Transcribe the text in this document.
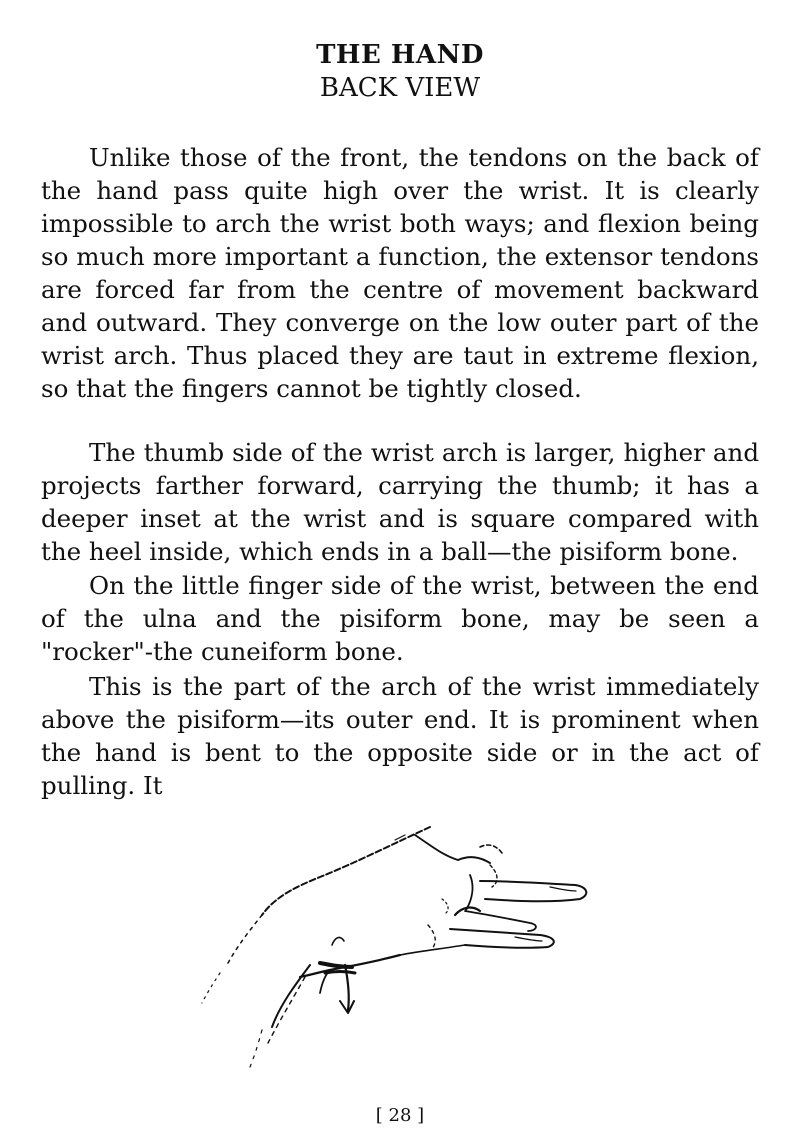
THE HAND
BACK VIEW

Unlike those of the front, the tendons on the back of the hand pass quite high over the wrist. It is clearly impossible to arch the wrist both ways; and flexion being so much more important a function, the extensor tendons are forced far from the centre of movement backward and outward. They converge on the low outer part of the wrist arch. Thus placed they are taut in extreme flexion, so that the fingers cannot be tightly closed.

The thumb side of the wrist arch is larger, higher and projects farther forward, carrying the thumb; it has a deeper inset at the wrist and is square compared with the heel inside, which ends in a ball—the pisiform bone.

On the little finger side of the wrist, between the end of the ulna and the pisiform bone, may be seen a "rocker"-the cuneiform bone.

This is the part of the arch of the wrist immediately above the pisiform—its outer end. It is prominent when the hand is bent to the opposite side or in the act of pulling. It

[ 28 ]
